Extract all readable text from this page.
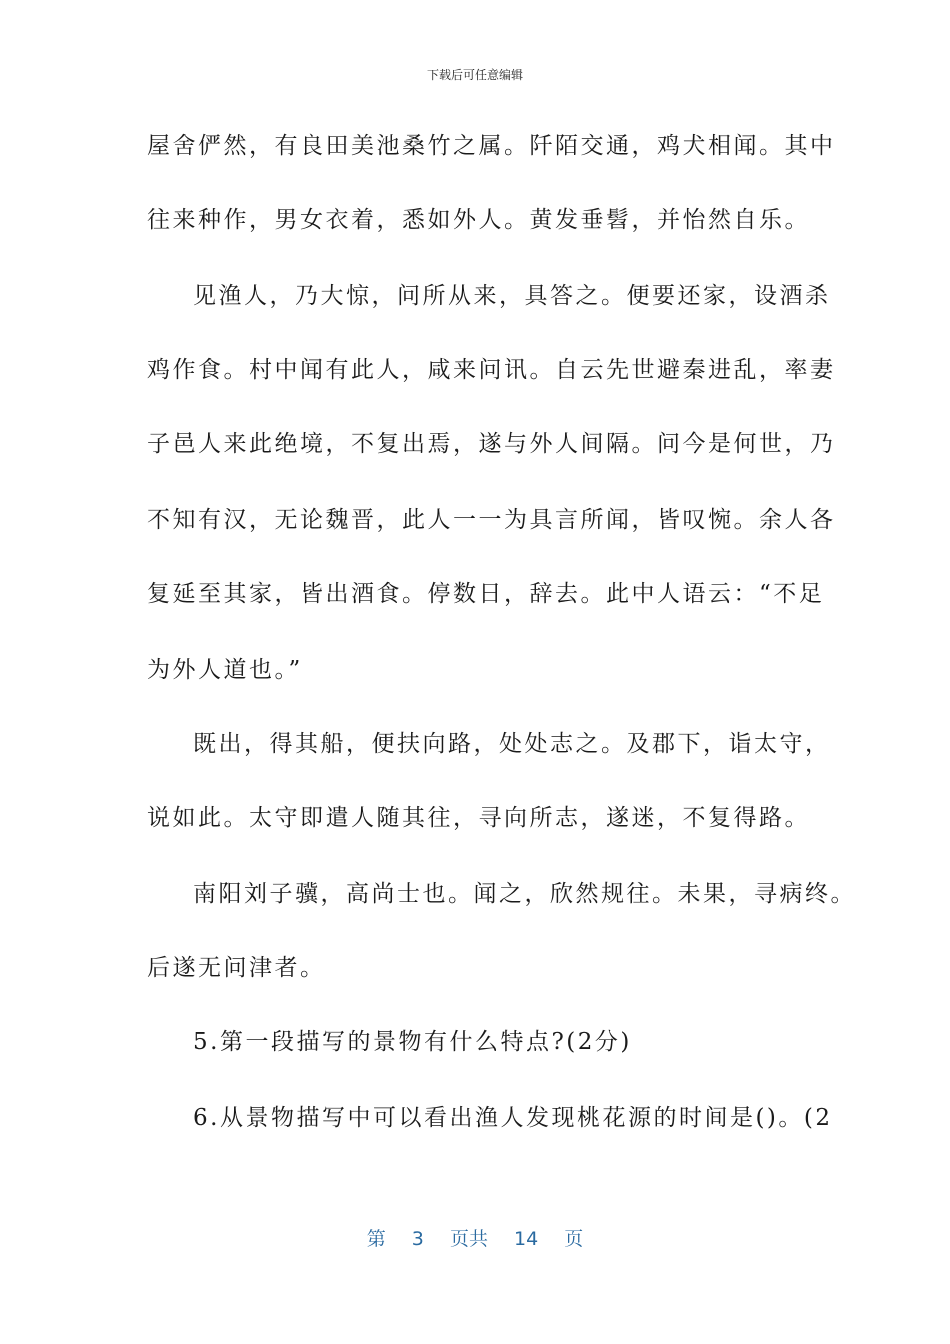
下载后可任意编辑
屋舍俨然，有良田美池桑竹之属。阡陌交通，鸡犬相闻。其中
往来种作，男女衣着，悉如外人。黄发垂髫，并怡然自乐。
见渔人，乃大惊，问所从来，具答之。便要还家，设酒杀
鸡作食。村中闻有此人，咸来问讯。自云先世避秦进乱，率妻
子邑人来此绝境，不复出焉，遂与外人间隔。问今是何世，乃
不知有汉，无论魏晋，此人一一为具言所闻，皆叹惋。余人各
复延至其家，皆出酒食。停数日，辞去。此中人语云：“不足
为外人道也。”
既出，得其船，便扶向路，处处志之。及郡下，诣太守，
说如此。太守即遣人随其往，寻向所志，遂迷，不复得路。
南阳刘子骥，高尚士也。闻之，欣然规往。未果，寻病终。
后遂无问津者。
5.第一段描写的景物有什么特点?(2分)
6.从景物描写中可以看出渔人发现桃花源的时间是()。(2
第 3 页共 14 页
